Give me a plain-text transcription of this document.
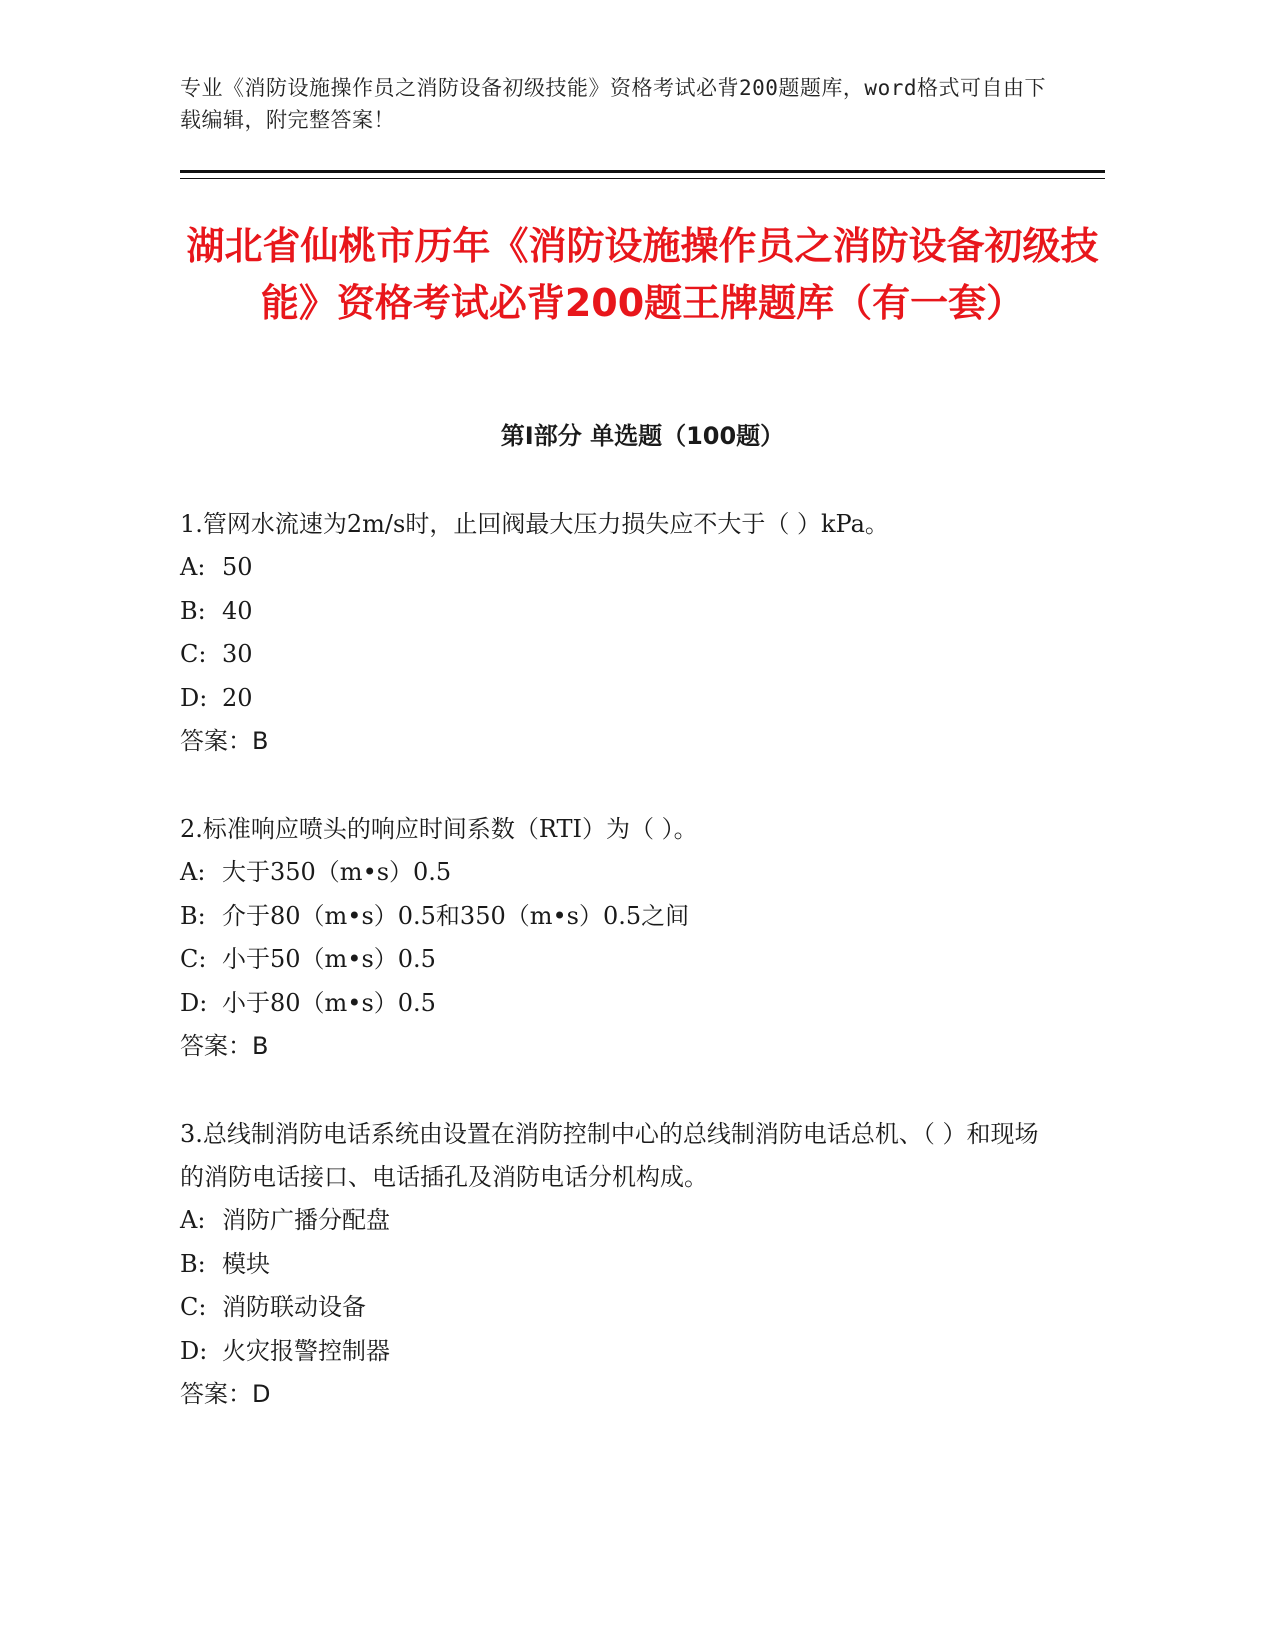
专业《消防设施操作员之消防设备初级技能》资格考试必背200题题库，word格式可自由下载编辑，附完整答案！
湖北省仙桃市历年《消防设施操作员之消防设备初级技能》资格考试必背200题王牌题库（有一套）
第I部分 单选题（100题）

1.管网水流速为2m/s时，止回阀最大压力损失应不大于（ ）kPa。

A: 50

B: 40

C: 30

D: 20

答案：B

2.标准响应喷头的响应时间系数（RTI）为（ ）。

A: 大于350（m•s）0.5

B: 介于80（m•s）0.5和350（m•s）0.5之间

C: 小于50（m•s）0.5

D: 小于80（m•s）0.5

答案：B

3.总线制消防电话系统由设置在消防控制中心的总线制消防电话总机、（ ）和现场的消防电话接口、电话插孔及消防电话分机构成。

A: 消防广播分配盘

B: 模块

C: 消防联动设备

D: 火灾报警控制器

答案：D
